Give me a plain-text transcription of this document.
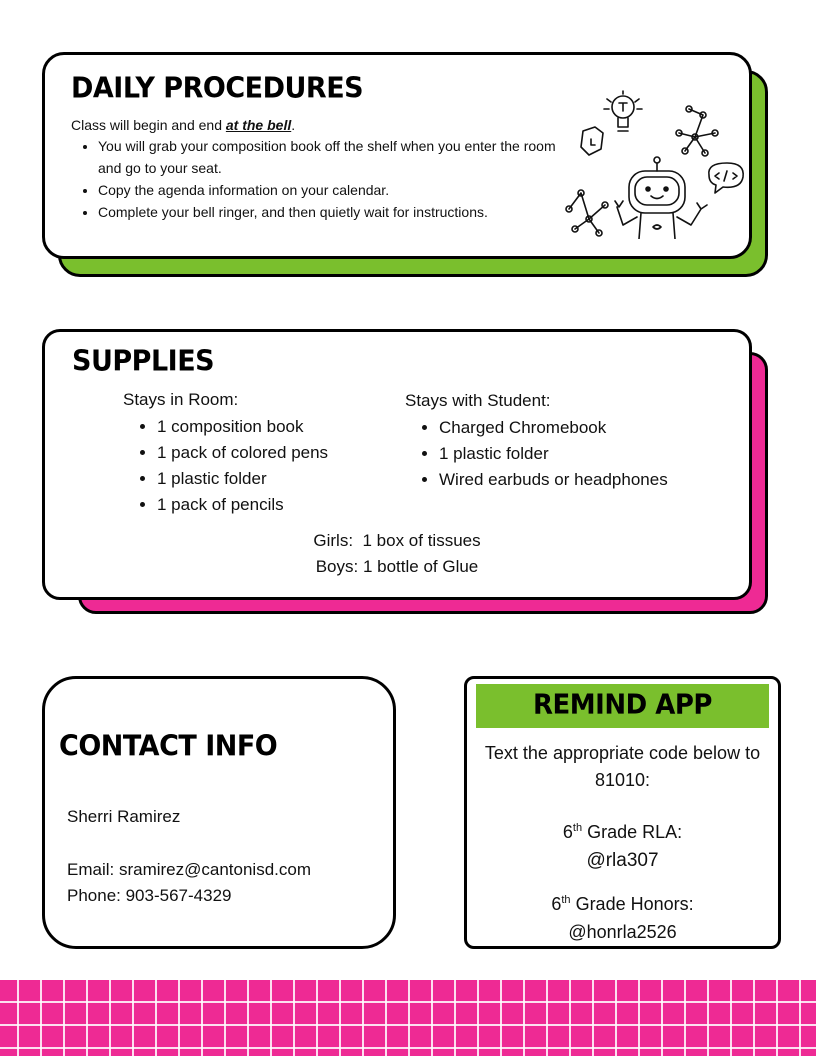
DAILY PROCEDURES
Class will begin and end at the bell.
• You will grab your composition book off the shelf when you enter the room and go to your seat.
• Copy the agenda information on your calendar.
• Complete your bell ringer, and then quietly wait for instructions.
SUPPLIES
Stays in Room:
• 1 composition book
• 1 pack of colored pens
• 1 plastic folder
• 1 pack of pencils
Stays with Student:
• Charged Chromebook
• 1 plastic folder
• Wired earbuds or headphones
Girls:  1 box of tissues
Boys: 1 bottle of Glue
CONTACT INFO
Sherri Ramirez
Email: sramirez@cantonisd.com
Phone: 903-567-4329
REMIND APP
Text the appropriate code below to 81010:
6th Grade RLA:
@rla307
6th Grade Honors:
@honrla2526
